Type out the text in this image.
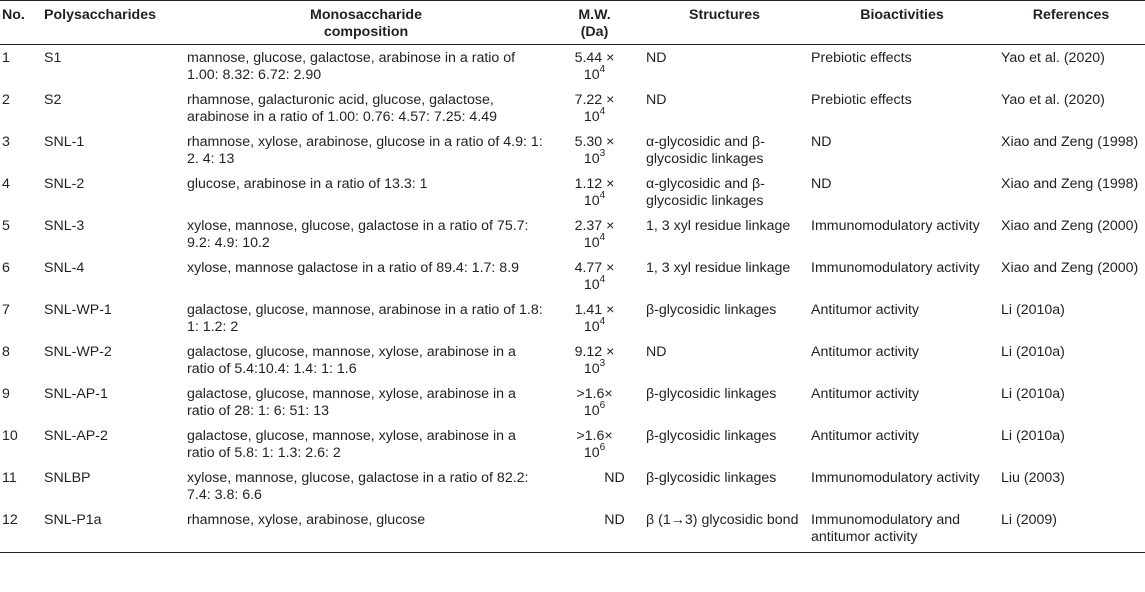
No.	Polysaccharides	Monosaccharide composition	M.W. (Da)	Structures	Bioactivities	References
1	S1	mannose, glucose, galactose, arabinose in a ratio of 1.00: 8.32: 6.72: 2.90	$5.44 \times 10^4$	ND	Prebiotic effects	Yao et al. (2020)
2	S2	rhamnose, galacturonic acid, glucose, galactose, arabinose in a ratio of 1.00: 0.76: 4.57: 7.25: 4.49	$7.22 \times 10^4$	ND	Prebiotic effects	Yao et al. (2020)
3	SNL-1	rhamnose, xylose, arabinose, glucose in a ratio of 4.9: 1: 2. 4: 13	$5.30 \times 10^3$	α-glycosidic and β-glycosidic linkages	ND	Xiao and Zeng (1998)
4	SNL-2	glucose, arabinose in a ratio of 13.3: 1	$1.12 \times 10^4$	α-glycosidic and β-glycosidic linkages	ND	Xiao and Zeng (1998)
5	SNL-3	xylose, mannose, glucose, galactose in a ratio of 75.7: 9.2: 4.9: 10.2	$2.37 \times 10^4$	1, 3 xyl residue linkage	Immunomodulatory activity	Xiao and Zeng (2000)
6	SNL-4	xylose, mannose galactose in a ratio of 89.4: 1.7: 8.9	$4.77 \times 10^4$	1, 3 xyl residue linkage	Immunomodulatory activity	Xiao and Zeng (2000)
7	SNL-WP-1	galactose, glucose, mannose, arabinose in a ratio of 1.8: 1: 1.2: 2	$1.41 \times 10^4$	β-glycosidic linkages	Antitumor activity	Li (2010a)
8	SNL-WP-2	galactose, glucose, mannose, xylose, arabinose in a ratio of 5.4:10.4: 1.4: 1: 1.6	$9.12 \times 10^3$	ND	Antitumor activity	Li (2010a)
9	SNL-AP-1	galactose, glucose, mannose, xylose, arabinose in a ratio of 28: 1: 6: 51: 13	$>1.6\times 10^6$	β-glycosidic linkages	Antitumor activity	Li (2010a)
10	SNL-AP-2	galactose, glucose, mannose, xylose, arabinose in a ratio of 5.8: 1: 1.3: 2.6: 2	$>1.6\times 10^6$	β-glycosidic linkages	Antitumor activity	Li (2010a)
11	SNLBP	xylose, mannose, glucose, galactose in a ratio of 82.2: 7.4: 3.8: 6.6	ND	β-glycosidic linkages	Immunomodulatory activity	Liu (2003)
12	SNL-P1a	rhamnose, xylose, arabinose, glucose	ND	β (1→3) glycosidic bond	Immunomodulatory and antitumor activity	Li (2009)
